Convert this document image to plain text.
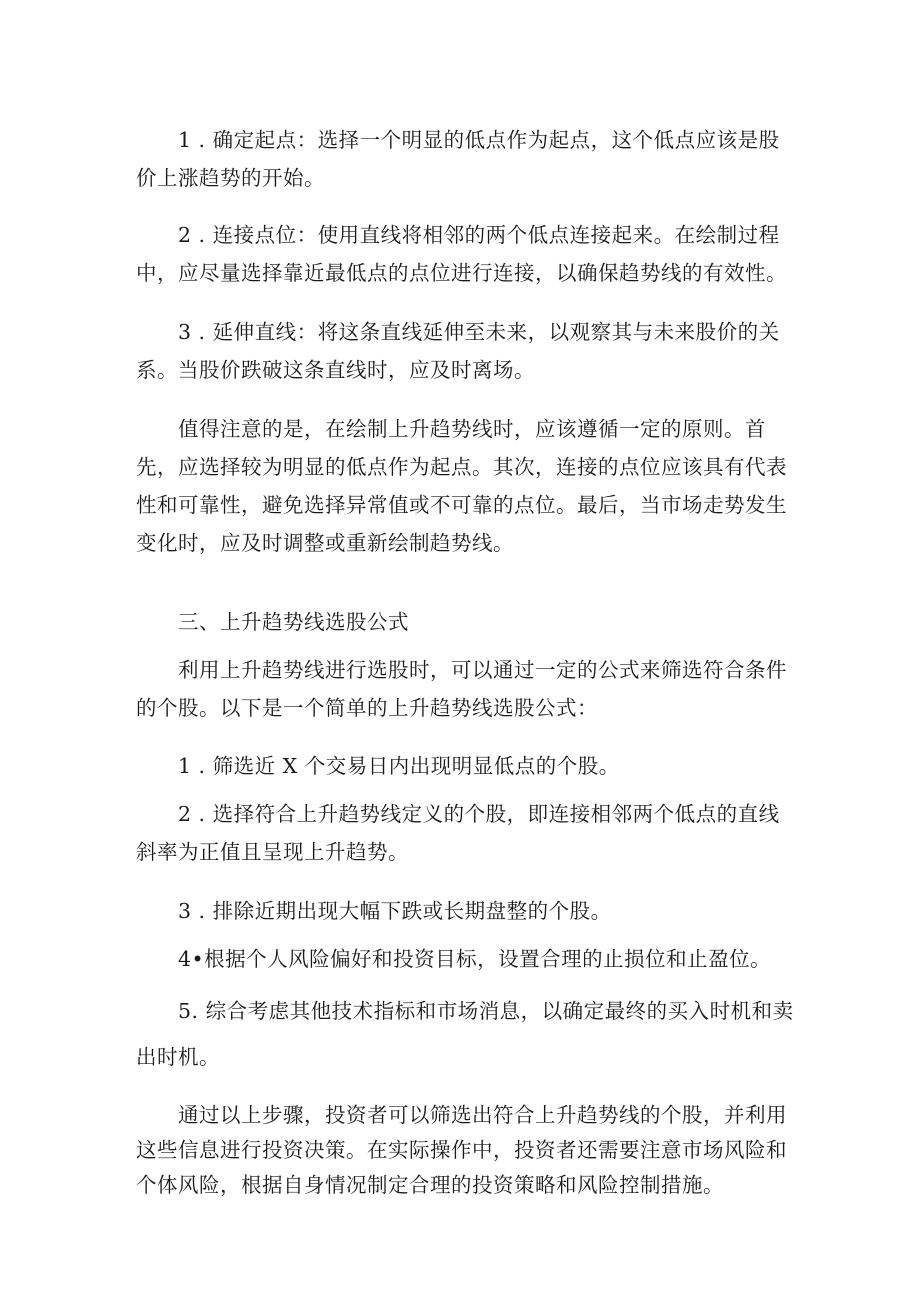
1 . 确定起点：选择一个明显的低点作为起点，这个低点应该是股价上涨趋势的开始。

2 . 连接点位：使用直线将相邻的两个低点连接起来。在绘制过程中，应尽量选择靠近最低点的点位进行连接，以确保趋势线的有效性。

3 . 延伸直线：将这条直线延伸至未来，以观察其与未来股价的关系。当股价跌破这条直线时，应及时离场。

值得注意的是，在绘制上升趋势线时，应该遵循一定的原则。首先，应选择较为明显的低点作为起点。其次，连接的点位应该具有代表性和可靠性，避免选择异常值或不可靠的点位。最后，当市场走势发生变化时，应及时调整或重新绘制趋势线。

三、上升趋势线选股公式

利用上升趋势线进行选股时，可以通过一定的公式来筛选符合条件的个股。以下是一个简单的上升趋势线选股公式：

1 . 筛选近 X 个交易日内出现明显低点的个股。

2 . 选择符合上升趋势线定义的个股，即连接相邻两个低点的直线斜率为正值且呈现上升趋势。

3 . 排除近期出现大幅下跌或长期盘整的个股。

4•根据个人风险偏好和投资目标，设置合理的止损位和止盈位。

5. 综合考虑其他技术指标和市场消息，以确定最终的买入时机和卖出时机。

通过以上步骤，投资者可以筛选出符合上升趋势线的个股，并利用这些信息进行投资决策。在实际操作中，投资者还需要注意市场风险和个体风险，根据自身情况制定合理的投资策略和风险控制措施。
